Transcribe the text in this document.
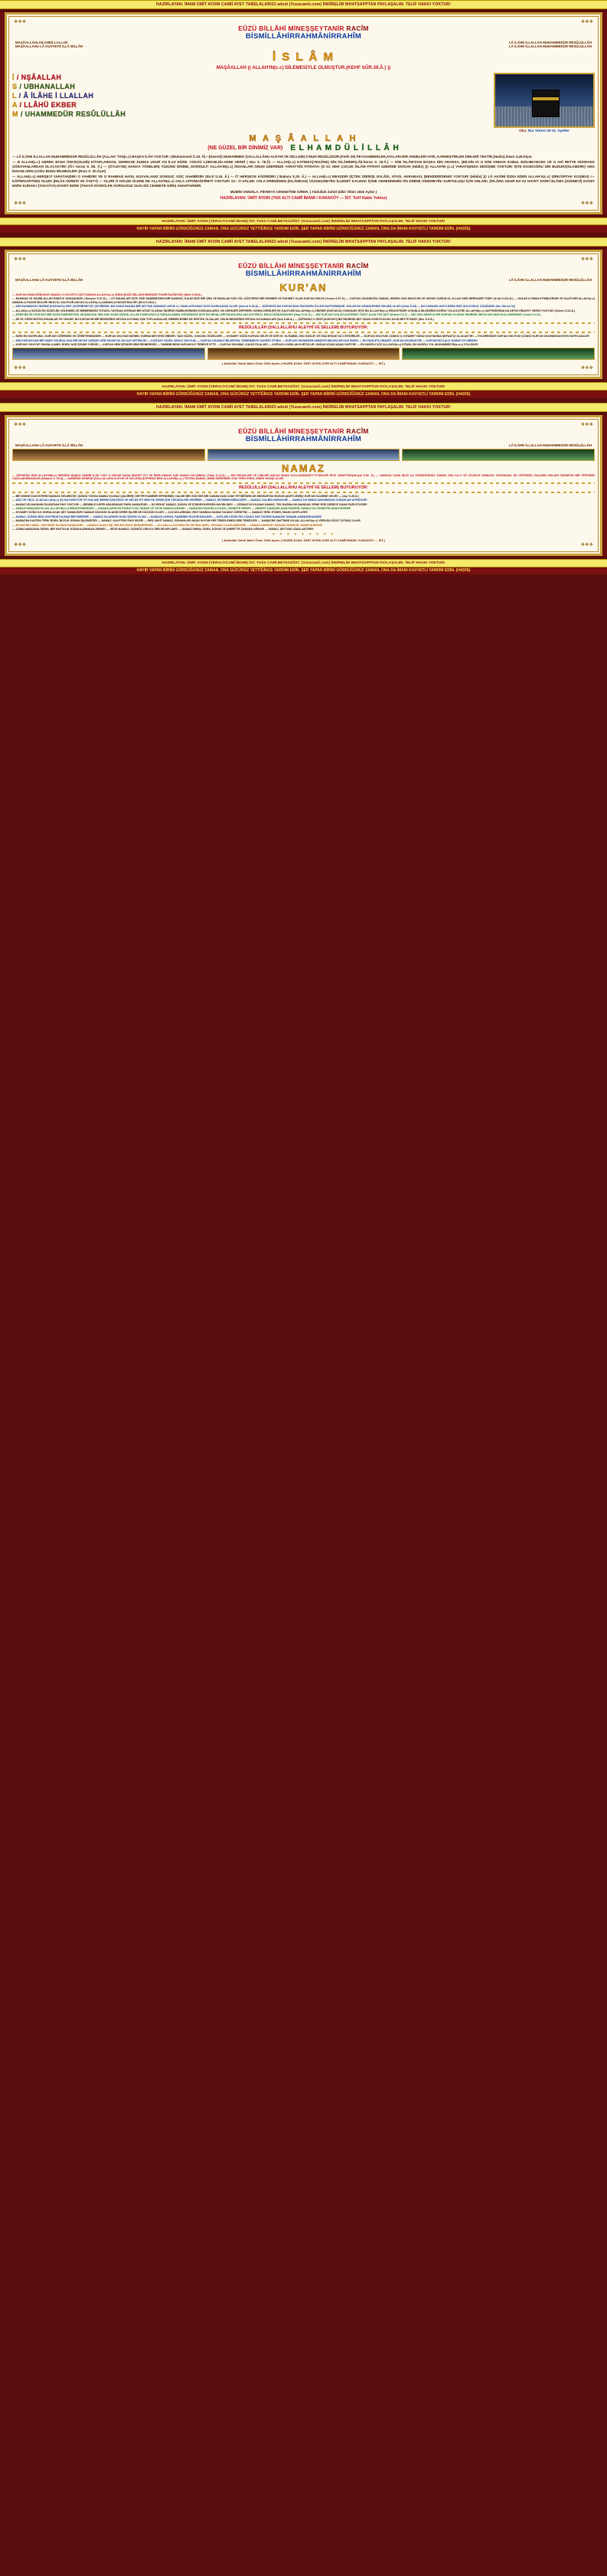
HAZIRLAYAN: İMAM ÜMİT AYDIN CAMİİ AYET TABELALARI23 adedi (Yusacamii.com) İNDİRELİM WHATSAPPTAN PAYLAŞALIM. TELİF HAKKI YOKTUR!
❖❖❖	❖❖❖
EÛZÜ BİLLÂHİ MİNEŞŞEYTANİR RACÎM
BİSMİLLÂHİRRAHMÂNİRRAHÎM
MAŞÂALLAHLAİLAHEİLLALLAH	LÂ İLÂHE İLLALLAH MUHAMMEDÜR RESÛLÜLLÂH
MAŞÂALLAHU LÂ KUVVETE İLLÂ BİLLÂH	LÂ İLÂHE İLLALLAH MUHAMMEDÜR RESÛLÜLLÂH
İ S L Â M
MAŞÂALLAH (( ALLAH'IN(c.c) DİLEMESİYLE OLMUŞTUR.(KEHF SÛR.39.Â.) ))
İ / NŞÂALLAH
S / UBHANALLAH
L / Â İLÂHE İ LLALLAH
A / LLÂHÜ EKBER
M / UHAMMEDÜR RESÛLÜLLÂH
Oku; Nur Sûresi 30-31. Ayetler
M A Ş Â A L L A H
(NE GÜZEL BİR DİNİMİZ VAR) E L H A M D Ü L İ L L Â H

--- LÂ İLÂHE İLLALLAH MUHAMMEDÜR RESÛLÜLLÂH (ALLAH' TAN(c.c) BAŞKA İLÂH YOKTUR !.(Muhammed S.19. Â)---(Hazreti) MUHAMMED (SALLALLÂHU ALEYHİ VE SELLEM) O'NUN RESÛLÜDÜR.(Fetih 29) PEYGAMBERLER,ATALARI BİR ANNELERİ AYRI, KARDEŞTİRLER DİNLERİ TEKTİR.(Hadis).İslam 3,49.Diyar.

--- Ø ALLAH(c.c) GEREK BANA ÖNCEÇELMİŞ KİTAPLARDAN, GEREKSE DUNDA UKUR AN İLAZ EĞRE -YÜKSÜ LÜMANLIĞI-ADINI VERDİ ( Hac S. 78.Â) --- ALLAH(c.c) KATINDA(YEGÂNE) DİN İSLÂMDIRŞ.Âli-İmran S. 19.Â.) --- KİM İSLÂM'DAN BAŞKA DİN ARARSA, (BİLSİN Kİ O DİNİ ONDAN KABUL EDİLMEYECEK VE O AHİ RETTE HÜSRANA UĞRAYANLARDAN OLACAKTIR! (Âl-i İmran S. 85. Â.) --- (ÖYLEYSE) HAKKA YÖNELMİŞ YÜZÜNÜ DİNİNE, DOĞRULT! ALLAH'IN(c.c) İNSANLARI ONUN ÜZERİNDE YARATTIĞI FITRATA! (O Kİ; HER ÇOCUK İSLÂM FITRATI ÜZERİNE DOĞAR (Hâdis) ))! ALLAH'IN (c.c) YARATIŞINDA DEĞİŞME YOKTUR! İŞTE DOSDOĞRU DİN BUDUR!(İSLAMDIR!) AMA İNSANLARIN ÇOĞU BUNU BİLMEZLER! (Rum S. 30.Âyet)

--- ALLAH(c.c) HERŞEYİ YARATANDIR! O VAHİDİR! VE O RAHMAN HASIL KUVVALANIZ SONSUZ; GÜÇ SAHİBİDİR! (Ra'd S.16. Â.) --- Ö' HERŞEYE KÂDİRDİR! ( Bakara S.20. Â.) --- ALLAH(c.c) EBADDIR (İÇTEK DİR/EŞİ, EVLÂDI, ATASI, AKRABASI, (BENZERİ/DENGİ YOKTUR! (Hâdis) ))! LÂ AKSİNİ İDDİA EDEN ALLAH'A(c.c) ŞİRK/ORTAK KOŞMUŞ <-- KÂFİR/SAPITMIŞ OLUR! (İHLÂS SÛRESİ VE ÂYET-İ) --- OLURİ Ö HÂLDE ÖLENE DE ALLAH'IN(c.c) ASLA AFFI/MAĞFİRETİ YOKTUR! 10-- Ö HÂLDE: ASLA DİNİNİZDEN (İSLÂMDAN) VAZGEÇMEYİN! İLLEDET KALMAK İÇİNE CEHENNEMİN ÖN DİNİNE GİDEMEYİN! KURTULUŞU İÇİN ONLARI, (İSLÂMA UKUR NA'AZ HAYET DAİRİ İSLÂMA (SÜNNETİ) DAVET EDİN! KURAN-I (TAKVÂYA) DAVET EDİN! (TAKVÂ-Gİ-İZKİLÂR SORGUSUZ SUALSİZ CENNETE GİRİŞ ANAHTARIDIR.

MÜMİN OWUNLA. FİKREYS CENNETİNE GİRER. ( Abdullah Zahid Şâkir Ölüm 1940 Aydın )

HAZIRLAYAN: ÜMİT AYDIN (YER ALTI CAMİİ İMAMI / KARAKÖY --- İST. Telif Hakkı Yoktur)
❖❖❖	❖❖❖
HAZIRLAYAN: ÜMİT AYDIN (YERALTICAMİ İMAMI) İST. YUSA CAMİ.BEYKOZ/İST. (Yusacamii.com) İNDİRELİM WHATSAPPTAN PAYLAŞALIM. TELİF HAKKI YOKTUR!
HAYIR YAPAN BİRİNİ GÖRDÜĞÜNÜZ ZAMAN, ONA GÜCÜNÜZ YETTİĞİNCE YARDIM EDİN. ŞER YAPAN BİRİNİ GÖRDÜĞÜNÜZ ZAMAN, ONA DA İMANI KUVVETLİ YARDIM EDİN. (HADİS)
HAZIRLAYAN: İMAM ÜMİT AYDIN CAMİİ AYET TABELALARI23 adedi (Yusacamii.com) İNDİRELİM WHATSAPPTAN PAYLAŞALIM. TELİF HAKKI YOKTUR!
❖❖❖	❖❖❖
EÛZÜ BİLLÂHİ MİNEŞŞEYTANİR RACÎM
BİSMİLLÂHİRRAHMÂNİRRAHÎM
MAŞÂALLAHU LÂ KUVVETE İLLÂ BİLLÂH	LÂ İLÂHE İLLALLAH MUHAMMEDÜR RESÛLÜLLÂH
KUR'AN

--- KUR'AN ORADOĞRUDUR ZAMAN, O KUVVETLİ ŞEYTANDAN ALLAH'A(c.c) SIĞINI (EÛZÜ BİLLÂHİ MİNEŞŞEYTANİR RACÎM DE!) (Nahl S.98.Â.)

--- RAHMAN VE RAHÎM ALLAH RAB'İLE YAKIŞANDIR! ( Meryem S.97.Â.) --- EY İNSANLAR! İŞTE SİZE RABBİNİZDEN BİR NASİHAT, KALBİ SİZE BİR ŞİFA VE İMANLAR İÇİN VÖL GÖSTERİCİ BİR REHBER VE RAHMET OLAN KUR'AN GELDİ! (Yunus S.57.Â.) --- KUR'AN OKUNDUĞU ZAMAN, HEMEN ONU DİNLEYİN VE SESSİZ DURUN Kİ, ALLAH SİZE MERHAMET EDİP! (A'raf S.204.Â.) --- ONLAR Kİ İMAN ETMİŞLERDİR VE KALPLERİ ALLAH'I(c.c) ANMAKLA HUZUR BULUR! BİLİN Kİ, KALPLER ANCAK ALLAH'I(c.c) ANMAKLA HUZUR BULUR! (Ra'd S.28.Â.)

--- KİM RAHMÂN'IN ZİKRİNE (KUR'AN'A) SIRT ÇEVİRİRSE/YÜZ ÇEVİRİRSE, BİZ ONUN BAŞINA BİR ŞEYTAN SARARIZ! ARTIK O, ONUN AYRILMAZ DOSTU/ARKADAŞI OLUR! (Zuhruf S.36.Â) --- ŞÜPHESİZ BU KUR'AN'DAN ÖNCEDEN ÖYLESİ SAPTIRMIŞDIR. ONLAR BU KENDİLERİNE GELMİŞ OLUR! (Sebe S.33) --- BU KURANIN AYETLERİNİ SİZE OKUYORUZ, DÜŞÜNÜR! (Nur Süresi 34)

--- ALLAH(c.c) SÖZÜN EN GÜZELİNİ, İKİLENMİŞ VE BİRBİRİNDEN TUTARLI YAPIDAN AYRINAN BİR KİTAP OLARAK İNDİRDİ! RABBLERİNDEN KORKANLARIN, ON DERİLERİ ÜRPERİR! SONRA DERİLERİ VE KALPLERİ ALLAH'IN(c.c) ZİKRİNE (KUR'AN'A) YUMUŞAR! İŞTE BU ALLAH'IN(c.c) HİDAYETİDİR! O'NUNLA DİLEDİĞİNİ DOĞRU YOLA İLETİR! ALLAH'IN(c.c) SAPTIRDIĞINA DA ARTIK HİDAYET VERİCİ YOKTUR! (Zümer S.23.Â.)

--- EĞER BİZ BU KUR'AN'I BİR DAĞA İNDİRSEYDİK, MUHAKKAK SEN ONU HUŞÛ İÇİNDE, ALLAH KORKUSUYLA PARÇALANMIŞ GÖRÜRDÜN! İŞTE BU MİSALLERİ İNSANLARA ANLATIYORUZ, BELKİ DÜŞÜNÜRLER! (Haşr S.21.Â.) --- BİZ KUR'AN'I KOLAYLAŞTIRDIK! ÖĞÜT ALAN YOK MU? (Kamer S.17) --- BİZ ONU ARAPÇA BİR KUR'AN OLARAK İNDİRDİK! BELKİ AKLINIZI KULLANIRSINIZ! (Yusuf S.2.Â.)

--- DE Kİ: EĞER BÜTÜN İNSANLAR VE CİNLER, BU KUR'AN'IN BİR BENZERİNİ ORTAYA KOYMAK İÇİN TOPLANSALAR, BİRBİRLERİNE DE DESTEK OLSALAR, ONUN BENZERİNİ ORTAYA KOYAMAZLAR! (İsrâ S.88.Â.) --- ŞÜPHESİZ O ZİKRİ (KUR'AN'I) BİZ İNDİRDİK BİZ! ONUN KORUYUCUSU DA ELBETTE BİZİZ! (Hicr S.9.Â.)

RESÛLULLÂH (SALLALLÂHU ALEYHİ VE SELLEM) BUYURUYOR:

--- SİZİN EN HAYIRLINIZ, KUR'AN'I ÖĞRENEN VE ÖĞRETENİNİZDİR! --- KUR'AN OKUYAN MÜ'MİN, HURMA MEYVESİ GİBİDİR; TADI GÜZEL, KOKUSU GÜZELDİR! --- KIYAMET GÜNÜ KUR'AN GELİR VE DER Kİ: YA RABBİ, ONU SÜSLE! VE ONA İKRAM TACI GİYDİRİLİR! --- KUR'AN OKUYUN! ÇÜNKÜ O, KIYAMET GÜNÜ OKUYANINA ŞEFAATÇİ OLACAKTIR! --- EVLERİNİZDE KUR'AN OKUYUN! ÇÜNKÜ KUR'AN OKUNMAYAN EVİN HAYRI AZALIR!

--- KİM KUR'AN'DAN BİR HARF OKURSA ONA BİR SEVAP VARDIR! HER SEVAP DA ON KAT ARTIRILIR! --- KUR'AN'I GÜZEL SESLE OKUYUN! --- KUR'AN OKUMAYI BİLMEYEN, ÖĞRENMEYE GAYRET ETSİN! --- KUR'AN'I HATMEDEN KİMSEYE MELEKLER DUA EDER! --- EN FAZİLETLİ İBADET, KUR'AN OKUMAKTIR! --- KUR'AN'SIZ KALP, HARAP EV GİBİDİR!

--- KUR'AN'I OKUYUP ONUNLA AMEL EDEN, NUR İÇİNDE YÜRÜR! --- KUR'AN HEM ŞİFADIR HEM REHBERDİR! --- RABBİM BENİ KUR'AN İLE TERBİYE ETTİ! --- KUR'AN OKUMAK, KALBİ CİLALAR! --- KUR'AN'A SARILAN KURTULUR, ONDAN UZAKLAŞAN SAPITIR! --- EN HAYIRLI SÖZ ALLAH'IN(c.c) KİTABI, EN HAYIRLI YOL MUHAMMED'İN(s.a.v) YOLUDUR!

( Abdullah Zahid Şâkir Ölüm 1940 Aydın ) HAZIRLAYAN: ÜMİT AYDIN (YER ALTI CAMİİ İMAMI / KARAKÖY --- İST.)
❖❖❖	❖❖❖
HAZIRLAYAN: ÜMİT AYDIN (YERALTICAMİ İMAMI) İST. YUSA CAMİ.BEYKOZ/İST. (Yusacamii.com) İNDİRELİM WHATSAPPTAN PAYLAŞALIM. TELİF HAKKI YOKTUR!
HAYIR YAPAN BİRİNİ GÖRDÜĞÜNÜZ ZAMAN, ONA GÜCÜNÜZ YETTİĞİNCE YARDIM EDİN. ŞER YAPAN BİRİNİ GÖRDÜĞÜNÜZ ZAMAN, ONA DA İMANI KUVVETLİ YARDIM EDİN. (HADİS)
HAZIRLAYAN: İMAM ÜMİT AYDIN CAMİİ AYET TABELALARI23 adedi (Yusacamii.com) İNDİRELİM WHATSAPPTAN PAYLAŞALIM. TELİF HAKKI YOKTUR!
❖❖❖	❖❖❖
EÛZÜ BİLLÂHİ MİNEŞŞEYTANİR RACÎM
BİSMİLLÂHİRRAHMÂNİRRAHÎM
MAŞÂALLAHU LÂ KUVVETE İLLÂ BİLLÂH	LÂ İLÂHE İLLALLAH MUHAMMEDÜR RESÛLÜLLÂH
NAMAZ

--- ŞÜPHESİZ BEN ALLAH'IM(c.c) BENDEN BAŞKA HİÇBİR İLÂH YOK! O HÂLDE BANA İBADET ET! VE BENİ ANMAK İÇİN NAMAZ KILIŞINDA! (Tâhâ S.14.Â.) --- DİN İNSANLARI VE CİNLERİ ANCAK BANA KULLUK/İBADETİ ETSİNLER DİYE YARATTIM!(Zâriyat S.56. Â.) --- NAMAZA UZAN İŞLE! ÇA GÖRDÜĞÜNÜZ ZAMAN ONU ALLY VE CİLÂNCE KIMNOSU YAPMADAN. DE GÜPHESİZ ONLARIN ANILARI CENNETİN BİR TEPESİNE CANLANDIRMASIDIR (Müddes S. 50.Â) --- SABREDE DENEUR (SALLALLÂHU ALEYHİ VE SELLEM) ŞÜPHESİZ BEN ALLAH'IM(c.c) ( TEVFİK) NAMAZ, DİNİN DİREĞİDİR! ONU TERK EDEN, DİNİNİ YIKMIŞ OLUR!

RESÛLULLÂH (SALLALLÂHU ALEYHİ VE SELLEM) BUYURUYOR:

--- BİR KİMSE İZAN İSTİRİN NAMAZA GELMEZSE, ŞÜNDÜ YOKSA NAMAZ KILMAZ (AŞLİRIR)! DİR PEYGAMBER EFENDİMİZ, KALBE BİR GÜN SİZİ BİR ZAMAN KADI ZAMI YETİŞİRSEM UE MENSUR BU MUSUN (ADETLENİN)! KUR'AN KALBİNE GELİR! --- (Aşr S.45.Â.)

--- AZIZ VE CELİL OLAN ALLAH(c.c) ŞU BUYURUYOR: EY KULUM! BENİM İÇİN RÜKÛ VE SECDE ET! BEN DE SENİN İÇİN YÜKSEKLERİ VERİRİM! --- NAMAZ, MÜ'MİNİN MİRACIDIR! --- NAMAZ, KALBİN NURUDUR! --- NAMAZ ILE NIMAZ ARASINDAKİ GÜNAHLAR AFFEDİLİR!

--- NAMAZ KILMAYANIN İSLÂM'DAN PAYI YOKTUR! --- BENİMLE KÂFİR ARASINDAKİ FARK NAMAZDIR! --- İKİ REKAT NAMAZ, DÜNYA VE İÇİNDEKİLERDEN HAYIRLIDIR! --- CEMAATLE KILINAN NAMAZ, TEK BAŞINA KILINANDAN YİRMİ YEDİ DERECE DAHA FAZİLETLİDİR!

--- SABAH NAMAZINI KILAN, ALLAH'IN(c.c) HİMAYESİNDEDİR! --- NAMAZLARIN EN FAZİLETLİSİ, SABAH VE YATSI NAMAZLARIDIR! --- NAMAZINI HUZURLA KILAN, CENNETE GİRER! --- ABDEST NAMAZIN ANAHTARIDIR, NAMAZ DA CENNETİN ANAHTARIDIR!

--- KIYAMET GÜNÜ İLK SORULACAK ŞEY NAMAZDIR! NAMAZI DÜZGÜN OLANIN DİĞER İŞLERİ DE DÜZGÜN OLUR! --- ÇOCUKLARINIZA YEDİ YAŞINDA NAMAZ KILMAYI ÖĞRETİN! --- NAMAZI TERK ETMEK, İMANI ZAYIFLATIR!

--- NAMAZ, GÜNÜN BEŞ VAKTİNDE KILINAN BİR EMİRDİR! --- NAMAZ KILARKEN HUŞÛ İÇİNDE OLUN! --- NAMAZA DURAN, RABBİNİN HUZURUNDADIR! --- SAFLARI DÜZELTİN! ÇÜNKÜ SAF DÜZENİ NAMAZIN TAMAMLANMASINDANDIR!

--- NAMAZINI KASTEN TERK EDEN, BÜYÜK GÜNAH İŞLEMİŞTİR! --- NAMAZ, KALPTEKİ PASI SİLER! --- BEŞ VAKİT NAMAZ, GÜNAHLARI AKAN SUYUN KİRİ TEMİZLEMESİ GİBİ TEMİZLER! --- NAMAZINI VAKTİNDE KILAN, ALLAH'A(c.c) VERİLEN SÖZÜ TUTMUŞ OLUR!

--- EN HAYIRLI AMEL, VAKTİNDE KILINAN NAMAZDIR! --- NAMAZ KILAN KİŞİ, MELEKLERLE BERABERDİR! --- ALLAH(c.c) KATINDA EN SEVİMLİ AMEL, DEVAMLI OLAN AMELDİR! --- NAMAZ NURDUR, SADAKA NURDUR, SABIR NURDUR!

--- CUMA NAMAZINA GİDEN, BİR HAFTALIK GÜNAHLARINDAN ARINIR! --- GECE NAMAZI, GÜNDÜZ ORUCU GİBİ SEVAPLIDIR! --- NAMAZI İHMAL EDEN, DÜNYA VE AHİRETTE ZARARA UĞRAR! --- NAMAZ, ŞEYTANI UZAKLAŞTIRIR!

✦ ✦ ✦ ✦ ✦ ✦ ✦ ✦ ✦
( Abdullah Zahid Şâkir Ölüm 1940 Aydın ) HAZIRLAYAN: ÜMİT AYDIN (YER ALTI CAMİİ İMAMI / KARAKÖY --- İST.)
❖❖❖	❖❖❖
HAZIRLAYAN: ÜMİT AYDIN (YERALTICAMİ İMAMI) İST. YUSA CAMİ.BEYKOZ/İST. (Yusacamii.com) İNDİRELİM WHATSAPPTAN PAYLAŞALIM. TELİF HAKKI YOKTUR!
HAYIR YAPAN BİRİNİ GÖRDÜĞÜNÜZ ZAMAN, ONA GÜCÜNÜZ YETTİĞİNCE YARDIM EDİN. ŞER YAPAN BİRİNİ GÖRDÜĞÜNÜZ ZAMAN, ONA DA İMANI KUVVETLİ YARDIM EDİN. (HADİS)
